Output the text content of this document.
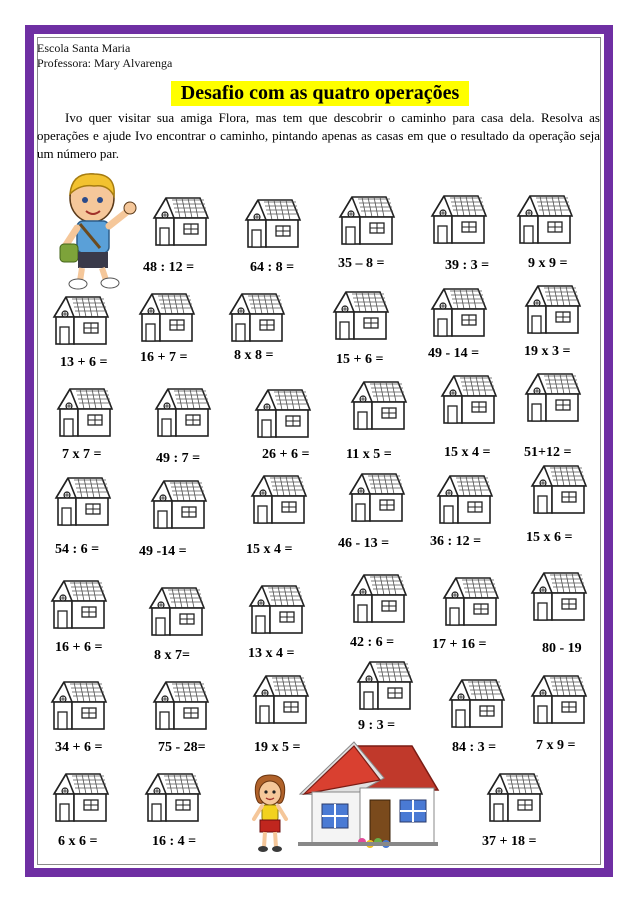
Escola Santa Maria
Professora: Mary Alvarenga
Desafio com as quatro operações
Ivo quer visitar sua amiga Flora, mas tem que descobrir o caminho para casa dela. Resolva as operações e ajude Ivo encontrar o caminho, pintando apenas as casas em que o resultado da operação seja um número par.
48 : 12 =	64 : 8 =	35 – 8 =	39 : 3 =	9 x 9 =
13 + 6 = 16 + 7 =	8 x 8 =	15 + 6 =	49 - 14 =	19 x 3 =
7 x 7 =	49 : 7 =	26 + 6 =	11 x 5 =	15 x 4 = 51+12 =
54 : 6 =	49 -14 =	15 x 4 =	46 - 13 =	36 : 12 =	15 x 6 =
16 + 6 =
8 x 7=	13 x 4 =
42 : 6 =	17 + 16 =	80 - 19
34 + 6 =	75 - 28=	19 x 5 =
9 : 3 =
84 : 3 =	7 x 9 =
6 x 6 =	16 : 4 =	37 + 18 =
